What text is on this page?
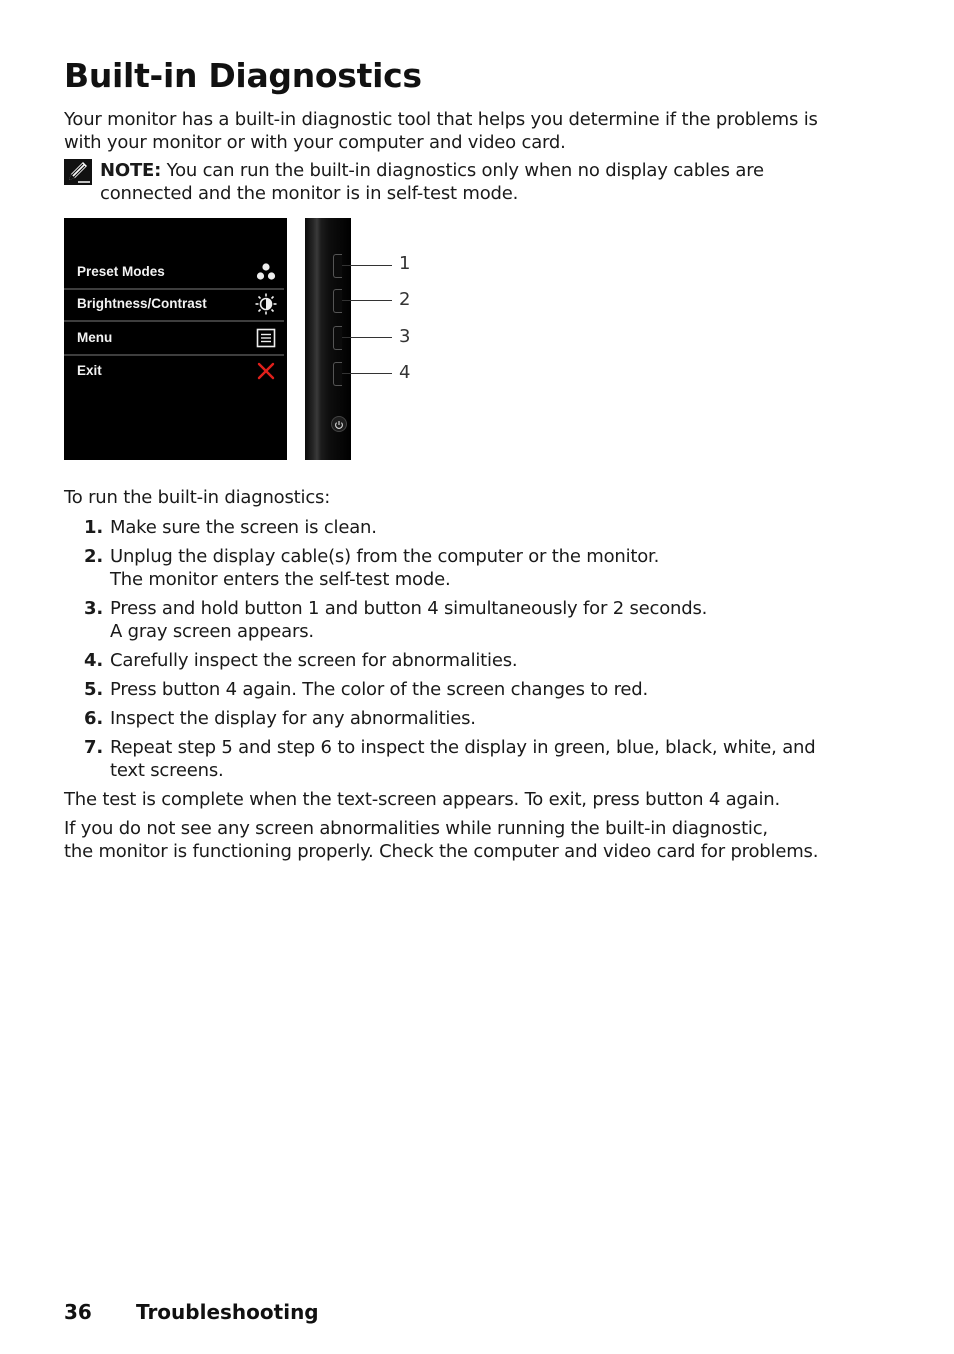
Built-in Diagnostics

Your monitor has a built-in diagnostic tool that helps you determine if the problems is
with your monitor or with your computer and video card.

NOTE: You can run the built-in diagnostics only when no display cables are
connected and the monitor is in self-test mode.

Preset Modes
Brightness/Contrast
Menu
Exit
1
2
3
4

To run the built-in diagnostics:

1. Make sure the screen is clean.
2. Unplug the display cable(s) from the computer or the monitor.
The monitor enters the self-test mode.
3. Press and hold button 1 and button 4 simultaneously for 2 seconds.
A gray screen appears.
4. Carefully inspect the screen for abnormalities.
5. Press button 4 again. The color of the screen changes to red.
6. Inspect the display for any abnormalities.
7. Repeat step 5 and step 6 to inspect the display in green, blue, black, white, and
text screens.

The test is complete when the text-screen appears. To exit, press button 4 again.

If you do not see any screen abnormalities while running the built-in diagnostic,
the monitor is functioning properly. Check the computer and video card for problems.

36 Troubleshooting
